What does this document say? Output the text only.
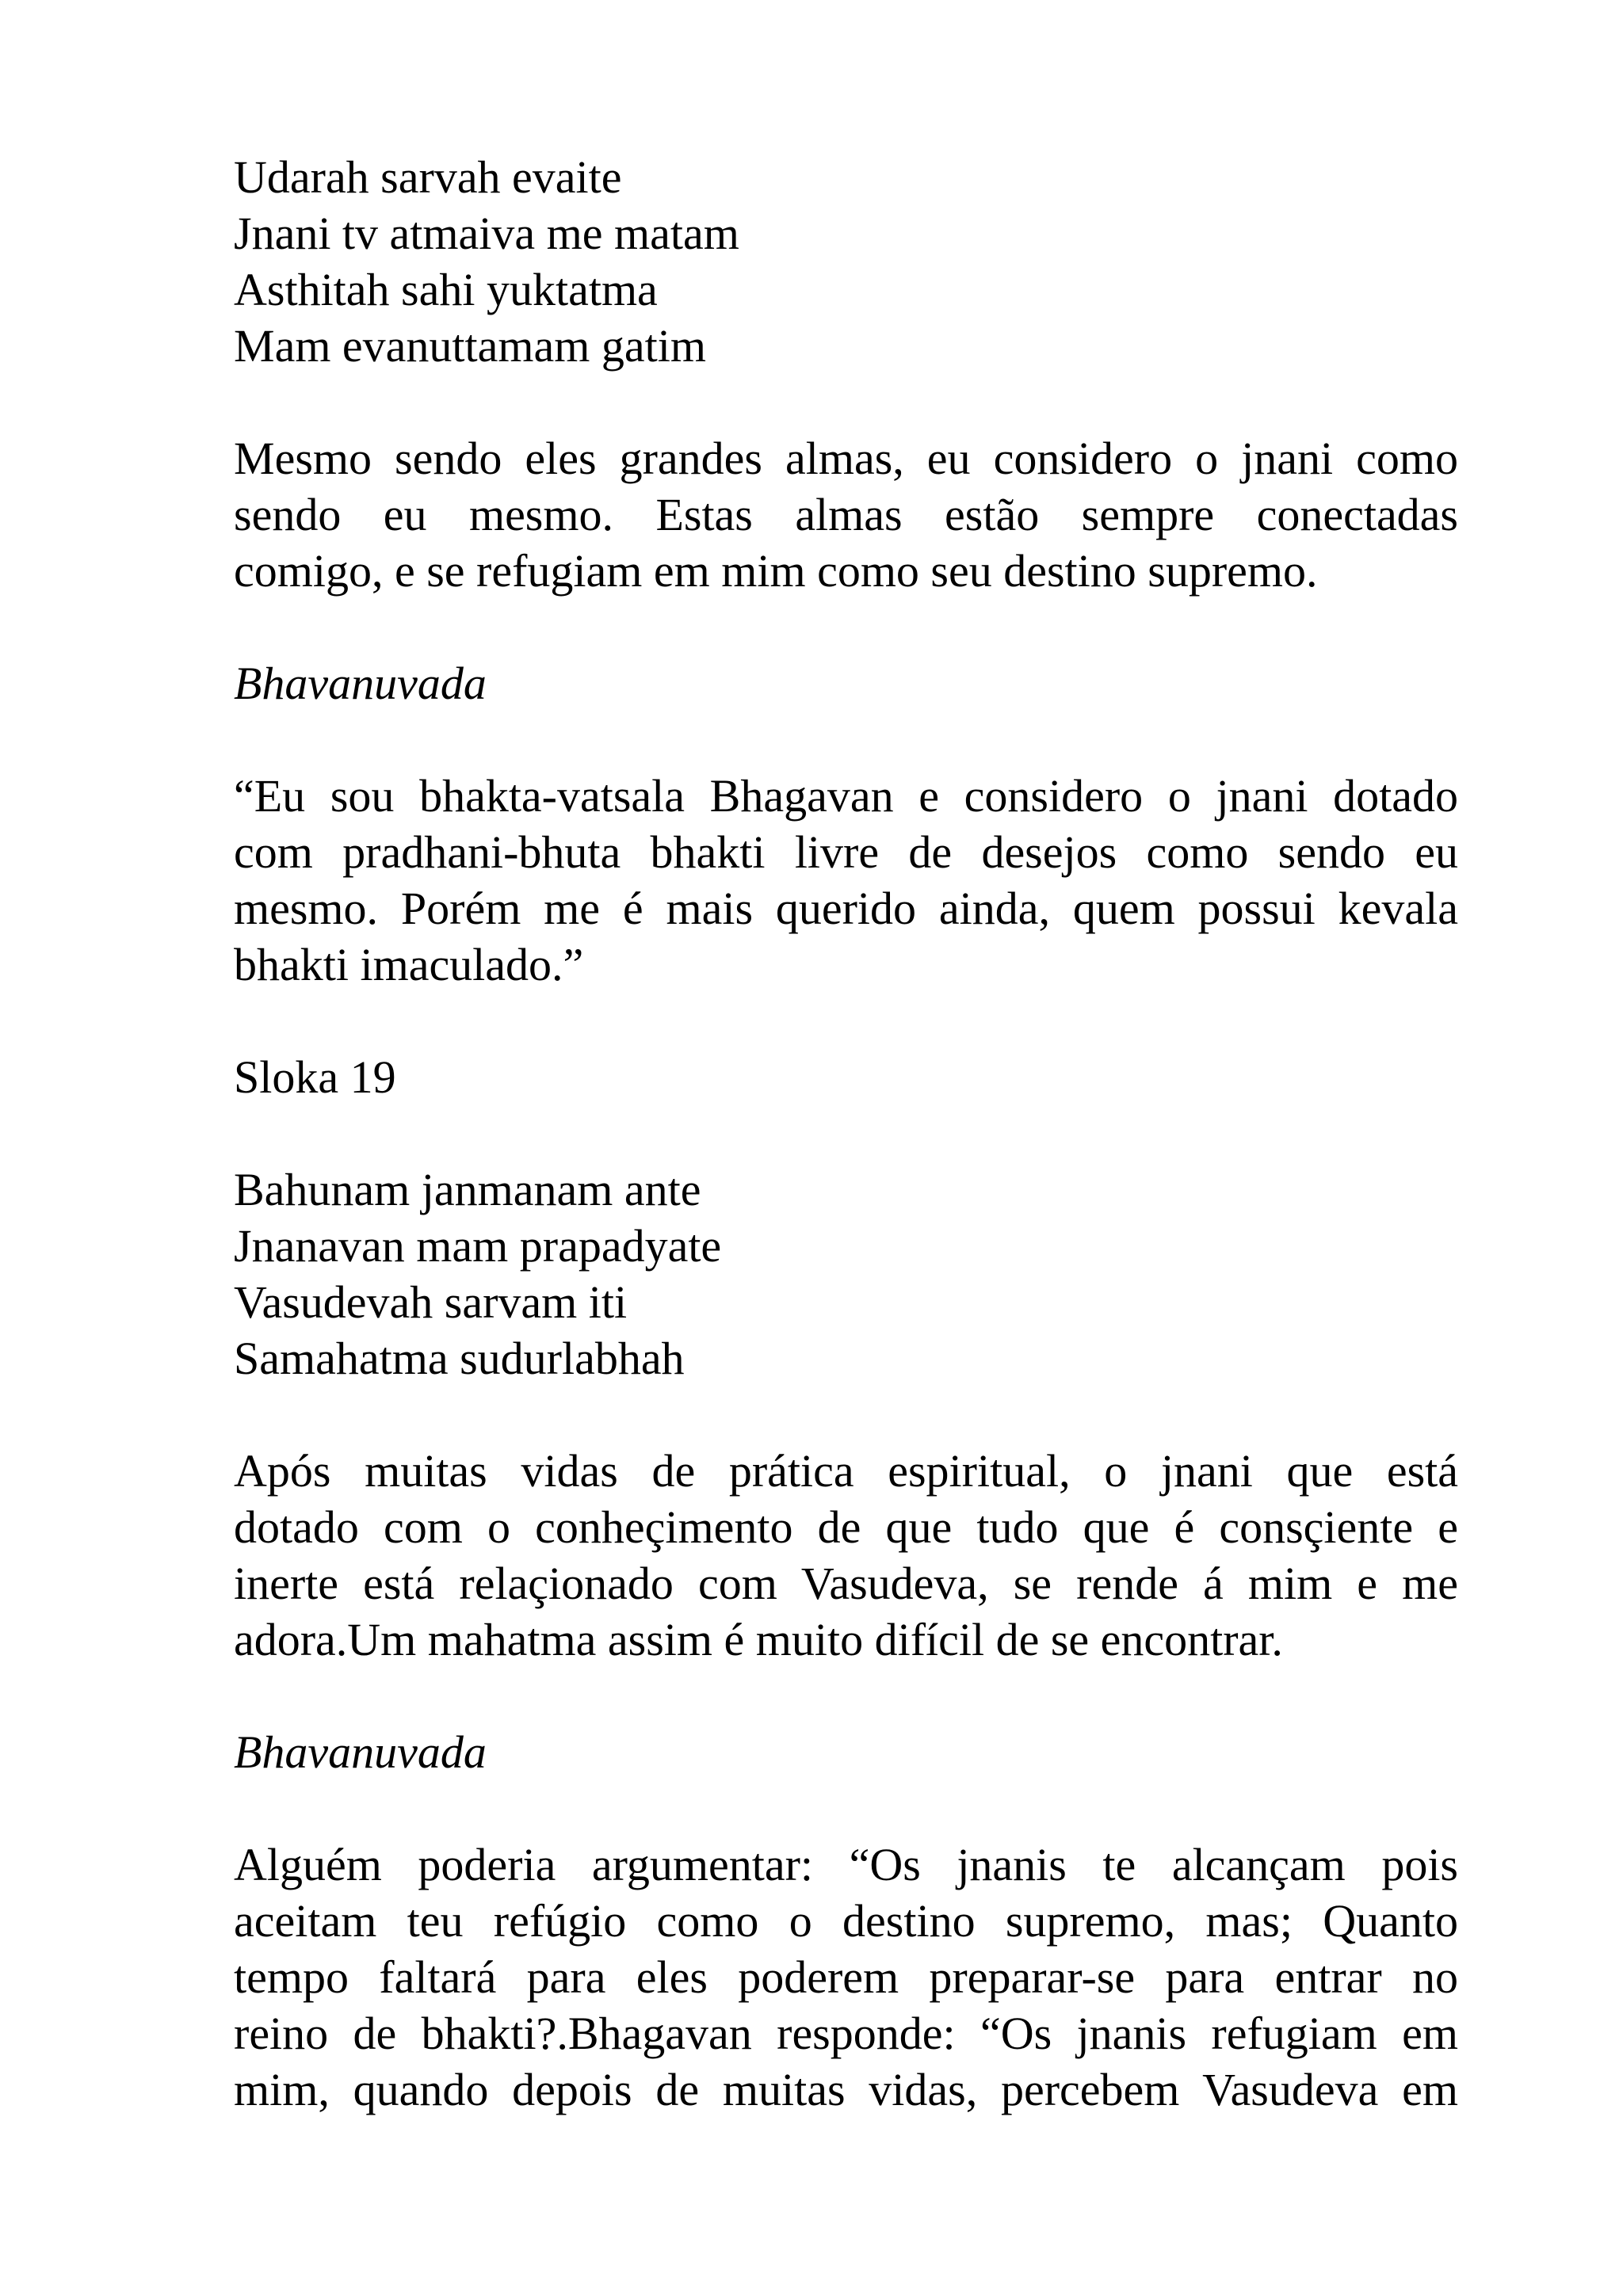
Udarah sarvah evaite
Jnani tv atmaiva me matam
Asthitah sahi yuktatma
Mam evanuttamam gatim
Mesmo sendo eles grandes almas, eu considero o jnani como
sendo eu mesmo. Estas almas estão sempre conectadas
comigo, e se refugiam em mim como seu destino supremo.
Bhavanuvada
“Eu sou bhakta-vatsala Bhagavan e considero o jnani dotado
com pradhani-bhuta bhakti livre de desejos como sendo eu
mesmo. Porém me é mais querido ainda, quem possui kevala
bhakti imaculado.”
Sloka 19
Bahunam janmanam ante
Jnanavan mam prapadyate
Vasudevah sarvam iti
Samahatma sudurlabhah
Após muitas vidas de prática espiritual, o jnani que está
dotado com o conheçimento de que tudo que é consçiente e
inerte está relaçionado com Vasudeva, se rende á mim e me
adora.Um mahatma assim é muito difícil de se encontrar.
Bhavanuvada
Alguém poderia argumentar: “Os jnanis te alcançam pois
aceitam teu refúgio como o destino supremo, mas; Quanto
tempo faltará para eles poderem preparar-se para entrar no
reino de bhakti?.Bhagavan responde: “Os jnanis refugiam em
mim, quando depois de muitas vidas, percebem Vasudeva em
